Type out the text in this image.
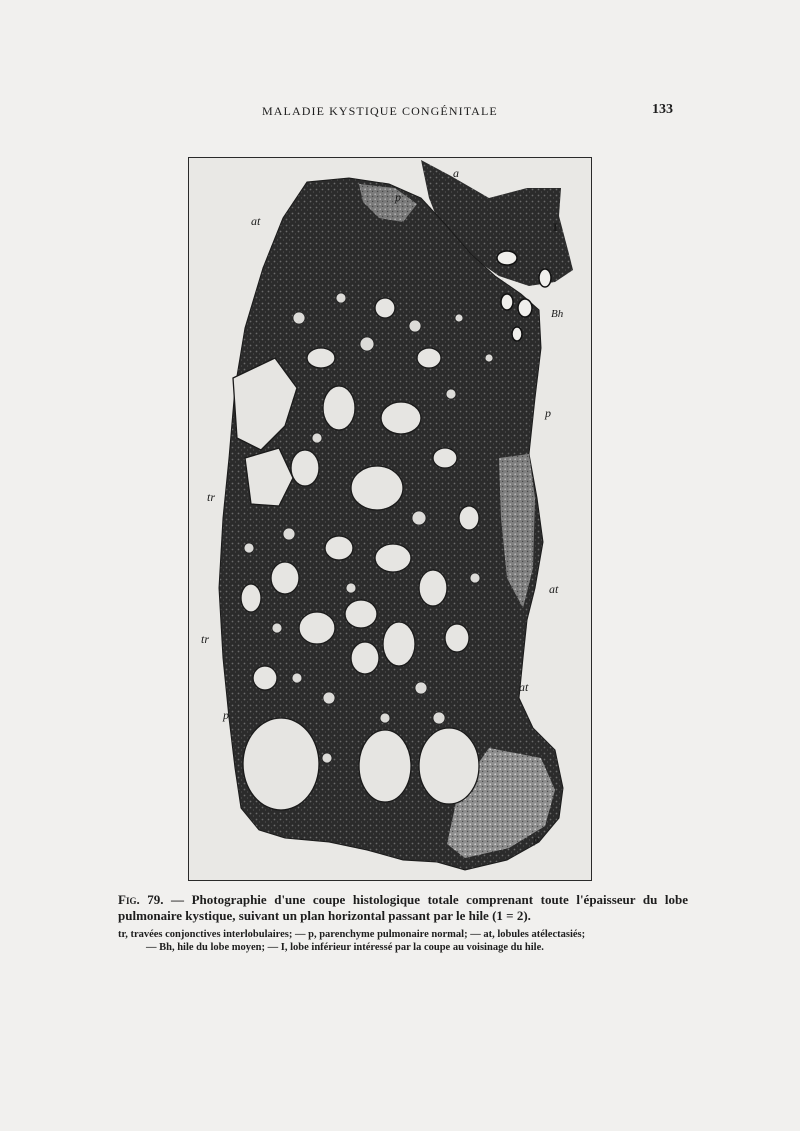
MALADIE KYSTIQUE CONGÉNITALE	133
a
p
at	I
Bh
p
tr
at
tr
at
p
p

Fig. 79. — Photographie d'une coupe histologique totale comprenant toute l'épaisseur du lobe pulmonaire kystique, suivant un plan horizontal passant par le hile (1 = 2).

tr, travées conjonctives interlobulaires; — p, parenchyme pulmonaire normal; — at, lobules atélectasiés;
— Bh, hile du lobe moyen; — I, lobe inférieur intéressé par la coupe au voisinage du hile.
